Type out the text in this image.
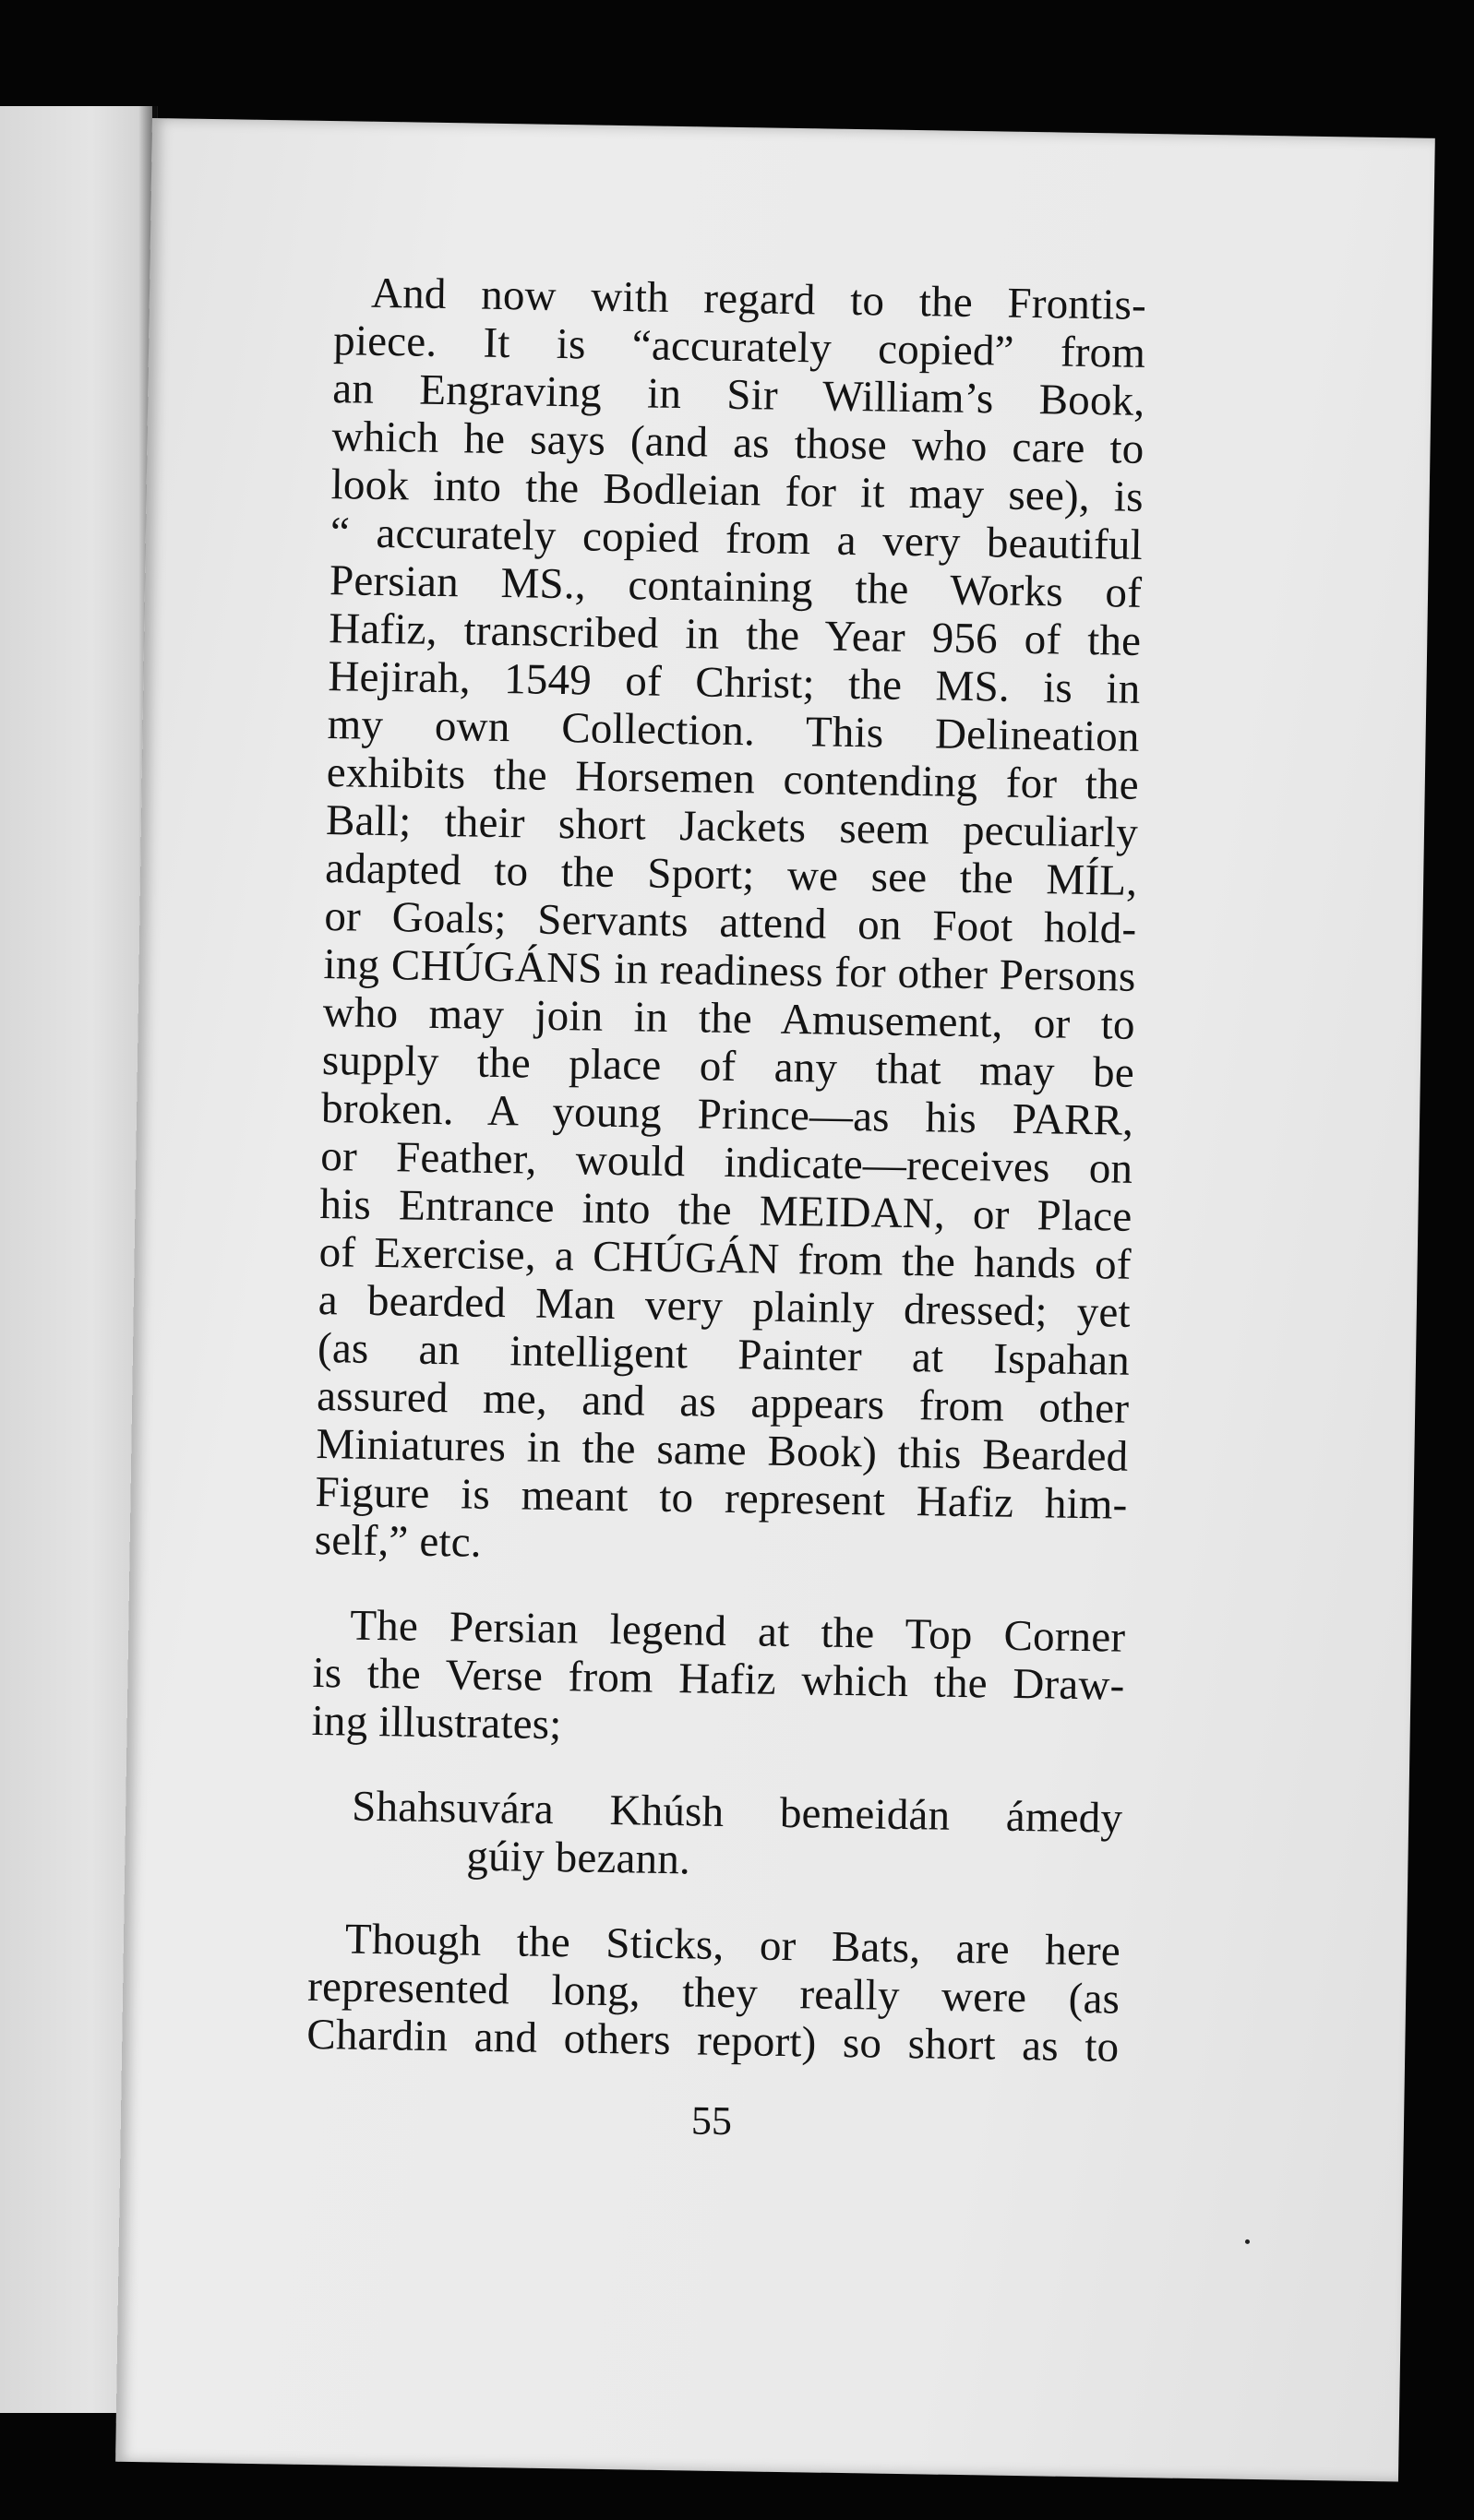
And now with regard to the Frontis-
piece. It is “accurately copied” from
an Engraving in Sir William’s Book,
which he says (and as those who care to
look into the Bodleian for it may see), is
“ accurately copied from a very beautiful
Persian MS., containing the Works of
Hafiz, transcribed in the Year 956 of the
Hejirah, 1549 of Christ; the MS. is in
my own Collection. This Delineation
exhibits the Horsemen contending for the
Ball; their short Jackets seem peculiarly
adapted to the Sport; we see the MÍL,
or Goals; Servants attend on Foot hold-
ing CHÚGÁNS in readiness for other Persons
who may join in the Amusement, or to
supply the place of any that may be
broken. A young Prince—as his PARR,
or Feather, would indicate—receives on
his Entrance into the MEIDAN, or Place
of Exercise, a CHÚGÁN from the hands of
a bearded Man very plainly dressed; yet
(as an intelligent Painter at Ispahan
assured me, and as appears from other
Miniatures in the same Book) this Bearded
Figure is meant to represent Hafiz him-
self,” etc.
The Persian legend at the Top Corner
is the Verse from Hafiz which the Draw-
ing illustrates;
Shahsuvára Khúsh bemeidán ámedy
gúiy bezann.
Though the Sticks, or Bats, are here
represented long, they really were (as
Chardin and others report) so short as to
55
